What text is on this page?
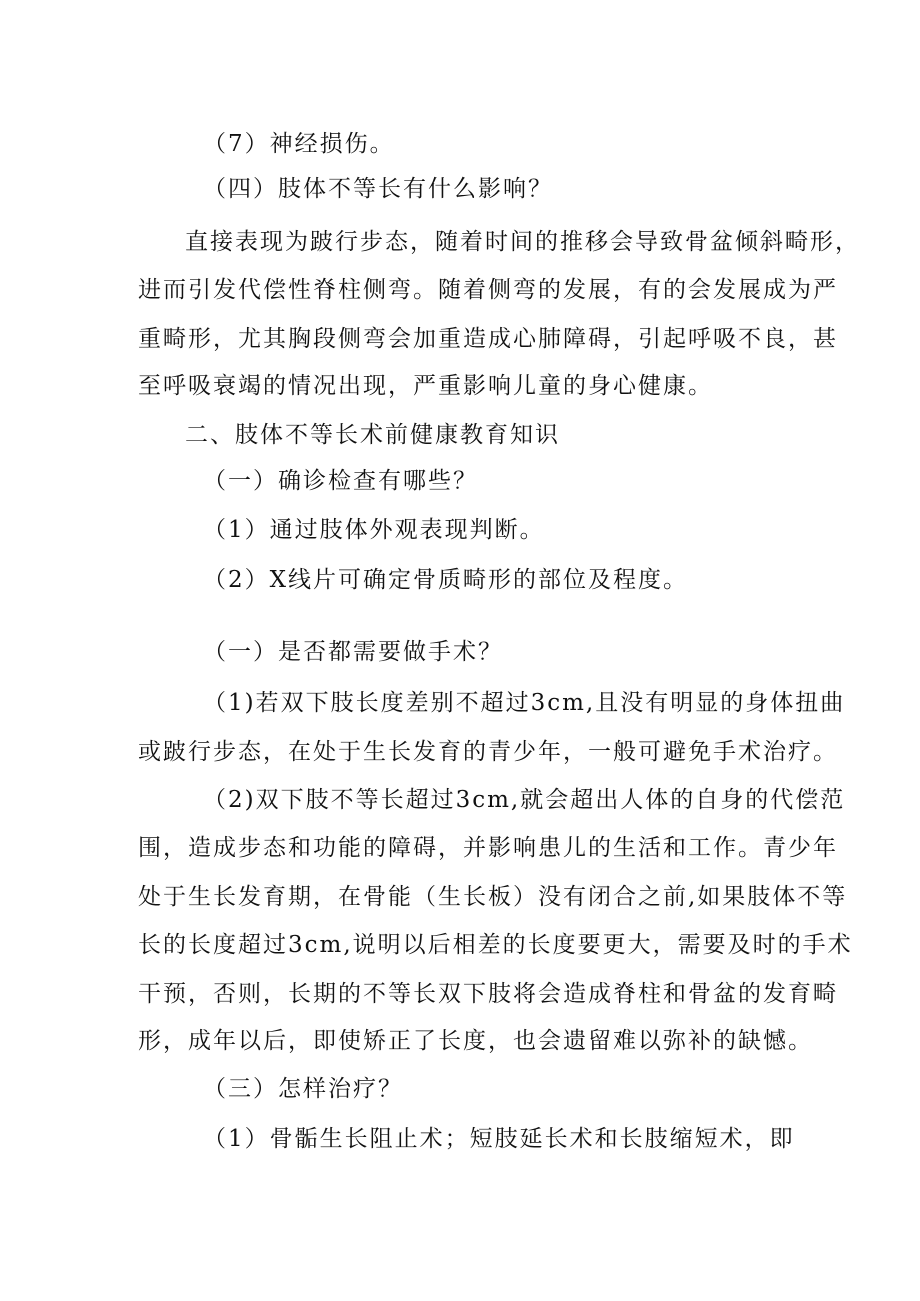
（7）神经损伤。
（四）肢体不等长有什么影响？
直接表现为跛行步态，随着时间的推移会导致骨盆倾斜畸形，
进而引发代偿性脊柱侧弯。随着侧弯的发展，有的会发展成为严
重畸形，尤其胸段侧弯会加重造成心肺障碍，引起呼吸不良，甚
至呼吸衰竭的情况出现，严重影响儿童的身心健康。
二、肢体不等长术前健康教育知识
（一）确诊检查有哪些？
（1）通过肢体外观表现判断。
（2）X线片可确定骨质畸形的部位及程度。
（一）是否都需要做手术？
（1)若双下肢长度差别不超过3cm,且没有明显的身体扭曲
或跛行步态，在处于生长发育的青少年，一般可避免手术治疗。
（2)双下肢不等长超过3cm,就会超出人体的自身的代偿范
围，造成步态和功能的障碍，并影响患儿的生活和工作。青少年
处于生长发育期，在骨能（生长板）没有闭合之前,如果肢体不等
长的长度超过3cm,说明以后相差的长度要更大，需要及时的手术
干预，否则，长期的不等长双下肢将会造成脊柱和骨盆的发育畸
形，成年以后，即使矫正了长度，也会遗留难以弥补的缺憾。
（三）怎样治疗？
（1）骨骺生长阻止术；短肢延长术和长肢缩短术，即
